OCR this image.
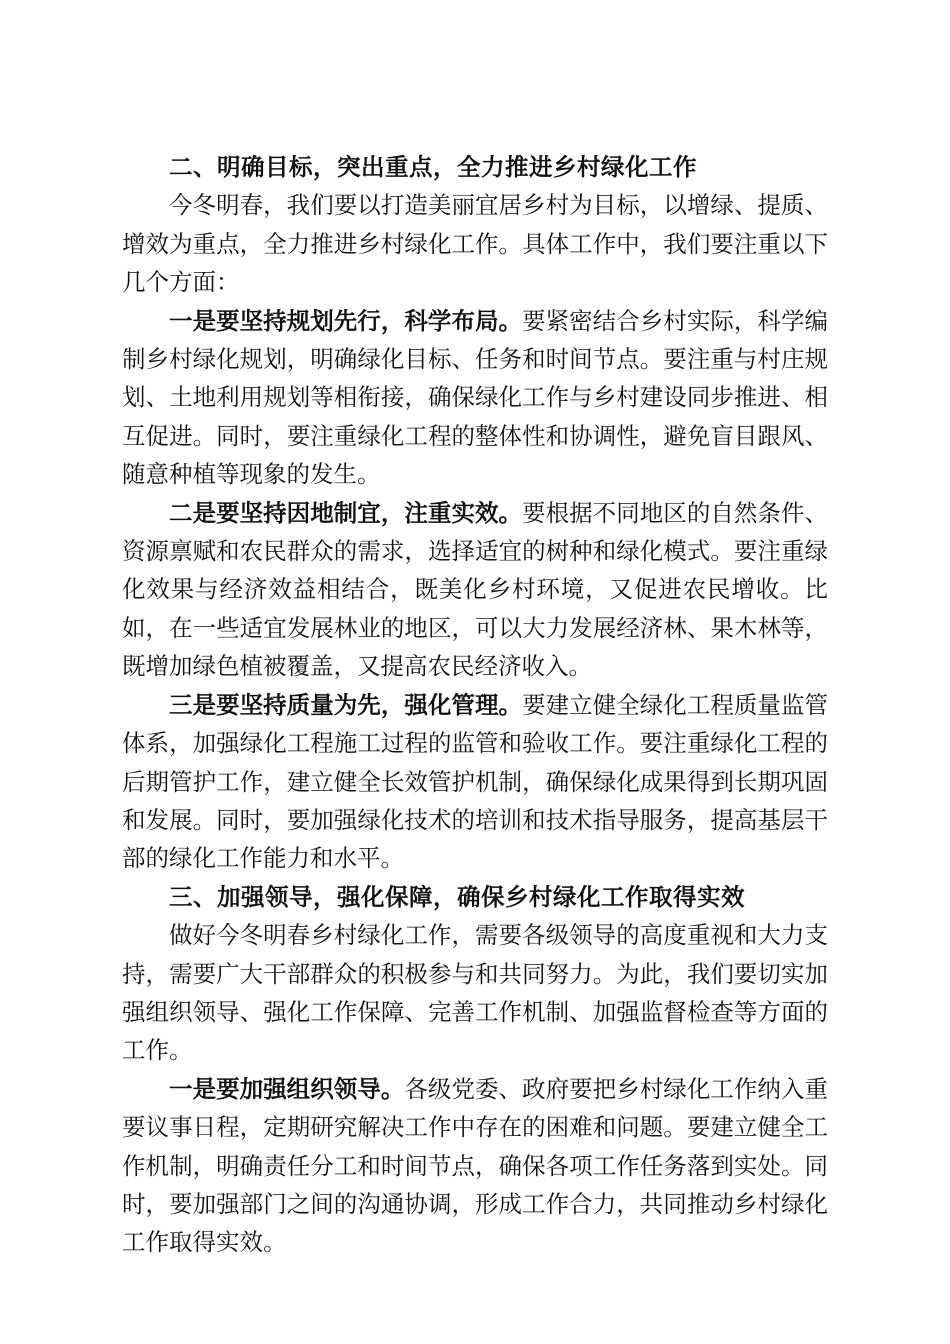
二、明确目标，突出重点，全力推进乡村绿化工作

今冬明春，我们要以打造美丽宜居乡村为目标，以增绿、提质、增效为重点，全力推进乡村绿化工作。具体工作中，我们要注重以下几个方面：

一是要坚持规划先行，科学布局。要紧密结合乡村实际，科学编制乡村绿化规划，明确绿化目标、任务和时间节点。要注重与村庄规划、土地利用规划等相衔接，确保绿化工作与乡村建设同步推进、相互促进。同时，要注重绿化工程的整体性和协调性，避免盲目跟风、随意种植等现象的发生。

二是要坚持因地制宜，注重实效。要根据不同地区的自然条件、资源禀赋和农民群众的需求，选择适宜的树种和绿化模式。要注重绿化效果与经济效益相结合，既美化乡村环境，又促进农民增收。比如，在一些适宜发展林业的地区，可以大力发展经济林、果木林等，既增加绿色植被覆盖，又提高农民经济收入。

三是要坚持质量为先，强化管理。要建立健全绿化工程质量监管体系，加强绿化工程施工过程的监管和验收工作。要注重绿化工程的后期管护工作，建立健全长效管护机制，确保绿化成果得到长期巩固和发展。同时，要加强绿化技术的培训和技术指导服务，提高基层干部的绿化工作能力和水平。

三、加强领导，强化保障，确保乡村绿化工作取得实效

做好今冬明春乡村绿化工作，需要各级领导的高度重视和大力支持，需要广大干部群众的积极参与和共同努力。为此，我们要切实加强组织领导、强化工作保障、完善工作机制、加强监督检查等方面的工作。

一是要加强组织领导。各级党委、政府要把乡村绿化工作纳入重要议事日程，定期研究解决工作中存在的困难和问题。要建立健全工作机制，明确责任分工和时间节点，确保各项工作任务落到实处。同时，要加强部门之间的沟通协调，形成工作合力，共同推动乡村绿化工作取得实效。
